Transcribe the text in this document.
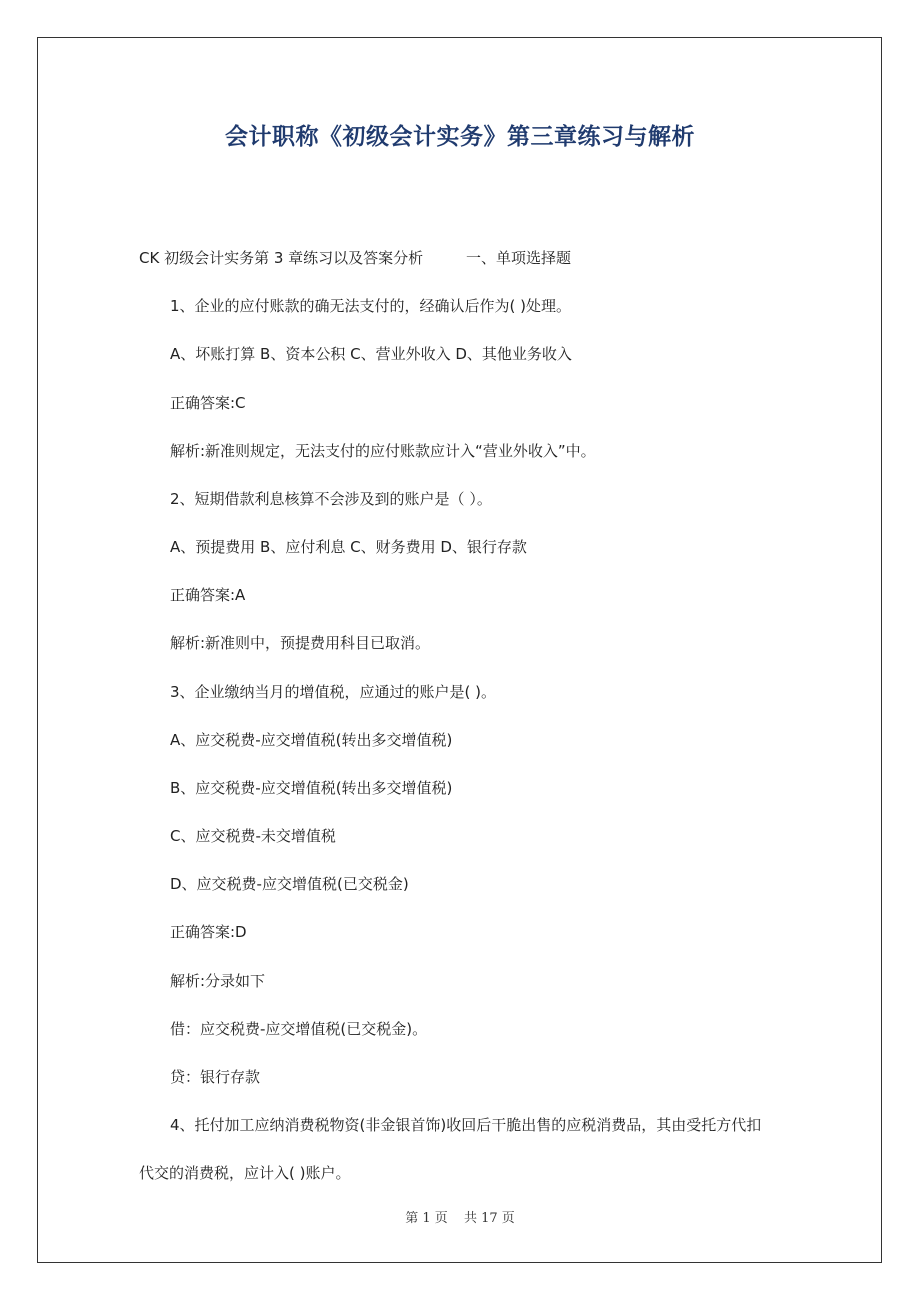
会计职称《初级会计实务》第三章练习与解析
CK 初级会计实务第 3 章练习以及答案分析	一、单项选择题
1、企业的应付账款的确无法支付的，经确认后作为( )处理。
A、坏账打算 B、资本公积 C、营业外收入 D、其他业务收入
正确答案:C
解析:新准则规定，无法支付的应付账款应计入“营业外收入”中。
2、短期借款利息核算不会涉及到的账户是（ ）。
A、预提费用 B、应付利息 C、财务费用 D、银行存款
正确答案:A
解析:新准则中，预提费用科目已取消。
3、企业缴纳当月的增值税，应通过的账户是( )。
A、应交税费-应交增值税(转出多交增值税)
B、应交税费-应交增值税(转出多交增值税)
C、应交税费-未交增值税
D、应交税费-应交增值税(已交税金)
正确答案:D
解析:分录如下
借：应交税费-应交增值税(已交税金)。
贷：银行存款
4、托付加工应纳消费税物资(非金银首饰)收回后干脆出售的应税消费品，其由受托方代扣
代交的消费税，应计入( )账户。
第 1 页 共 17 页
